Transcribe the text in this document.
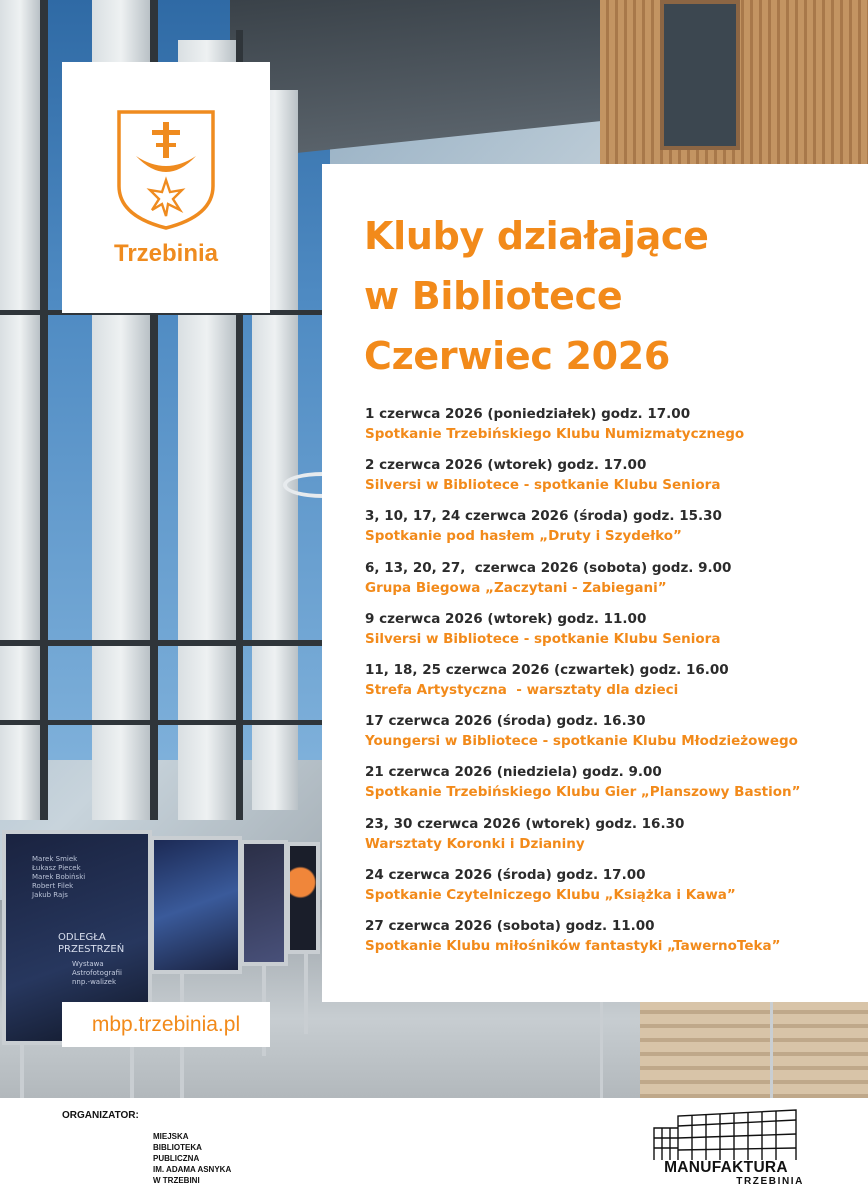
Marek Smiek
Łukasz Piecek
Marek Bobiński
Robert Filek
Jakub Rajs
ODLEGŁA
PRZESTRZEŃ
Wystawa
Astrofotografii
nnp.-walizek
Trzebinia	Kluby działające
w Bibliotece
Czerwiec 2026
1 czerwca 2026 (poniedziałek) godz. 17.00
Spotkanie Trzebińskiego Klubu Numizmatycznego
2 czerwca 2026 (wtorek) godz. 17.00
Silversi w Bibliotece - spotkanie Klubu Seniora
3, 10, 17, 24 czerwca 2026 (środa) godz. 15.30
Spotkanie pod hasłem „Druty i Szydełko”
6, 13, 20, 27,  czerwca 2026 (sobota) godz. 9.00
Grupa Biegowa „Zaczytani - Zabiegani”
9 czerwca 2026 (wtorek) godz. 11.00
Silversi w Bibliotece - spotkanie Klubu Seniora
11, 18, 25 czerwca 2026 (czwartek) godz. 16.00
Strefa Artystyczna  - warsztaty dla dzieci
17 czerwca 2026 (środa) godz. 16.30
Youngersi w Bibliotece - spotkanie Klubu Młodzieżowego
21 czerwca 2026 (niedziela) godz. 9.00
Spotkanie Trzebińskiego Klubu Gier „Planszowy Bastion”
23, 30 czerwca 2026 (wtorek) godz. 16.30
Warsztaty Koronki i Dzianiny
24 czerwca 2026 (środa) godz. 17.00
Spotkanie Czytelniczego Klubu „Książka i Kawa”
27 czerwca 2026 (sobota) godz. 11.00
Spotkanie Klubu miłośników fantastyki „TawernoTeka”
mbp.trzebinia.pl
ORGANIZATOR:
MIEJSKA
BIBLIOTEKA
PUBLICZNA
IM. ADAMA ASNYKA
W TRZEBINI
MANUFAKTURA
TRZEBINIA
